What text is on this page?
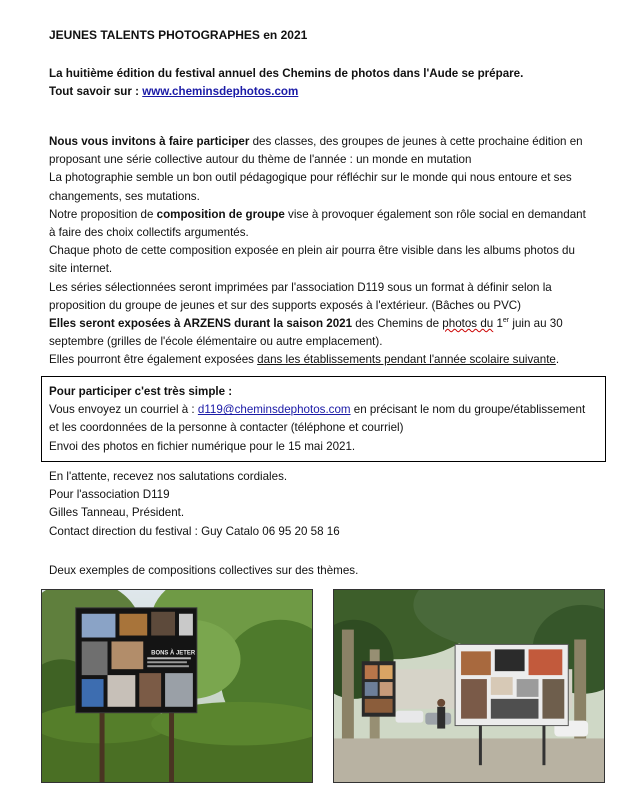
JEUNES TALENTS PHOTOGRAPHES en 2021
La huitième édition du festival annuel des Chemins de photos dans l'Aude se prépare.
Tout savoir sur : www.cheminsdephotos.com

Nous vous invitons à faire participer des classes, des groupes de jeunes à cette prochaine édition en proposant une série collective autour du thème de l'année : un monde en mutation

La photographie semble un bon outil pédagogique pour réfléchir sur le monde qui nous entoure et ses changements, ses mutations.

Notre proposition de composition de groupe vise à provoquer également son rôle social en demandant à faire des choix collectifs argumentés.

Chaque photo de cette composition exposée en plein air pourra être visible dans les albums photos du site internet.

Les séries sélectionnées seront imprimées par l'association D119 sous un format à définir selon la proposition du groupe de jeunes et sur des supports exposés à l'extérieur. (Bâches ou PVC)

Elles seront exposées à ARZENS durant la saison 2021 des Chemins de photos du 1er juin au 30 septembre (grilles de l'école élémentaire ou autre emplacement).

Elles pourront être également exposées dans les établissements pendant l'année scolaire suivante.

Pour participer c'est très simple :
Vous envoyez un courriel à : d119@cheminsdephotos.com en précisant le nom du groupe/établissement et les coordonnées de la personne à contacter (téléphone et courriel)
Envoi des photos en fichier numérique pour le 15 mai 2021.
En l'attente, recevez nos salutations cordiales.
Pour l'association D119
Gilles Tanneau, Président.
Contact direction du festival : Guy Catalo 06 95 20 58 16
Deux exemples de compositions collectives sur des thèmes.
BONS À JETER
